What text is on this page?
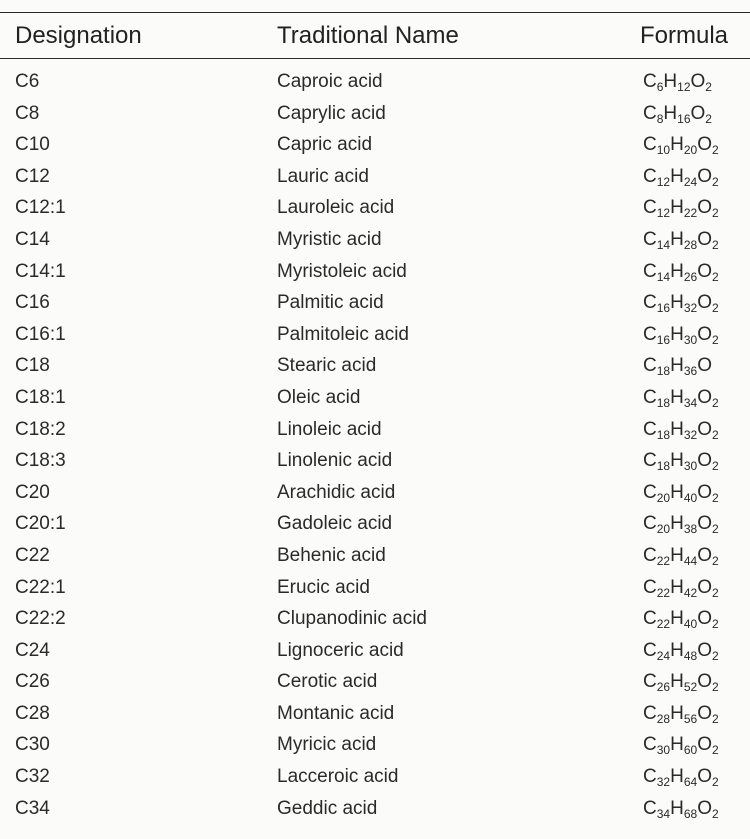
Designation	Traditional Name	Formula
C6	Caproic acid	$C_6H_{12}O_2$
C8	Caprylic acid	$C_8H_{16}O_2$
C10	Capric acid	$C_{10}H_{20}O_2$
C12	Lauric acid	$C_{12}H_{24}O_2$
C12:1	Lauroleic acid	$C_{12}H_{22}O_2$
C14	Myristic acid	$C_{14}H_{28}O_2$
C14:1	Myristoleic acid	$C_{14}H_{26}O_2$
C16	Palmitic acid	$C_{16}H_{32}O_2$
C16:1	Palmitoleic acid	$C_{16}H_{30}O_2$
C18	Stearic acid	$C_{18}H_{36}O$
C18:1	Oleic acid	$C_{18}H_{34}O_2$
C18:2	Linoleic acid	$C_{18}H_{32}O_2$
C18:3	Linolenic acid	$C_{18}H_{30}O_2$
C20	Arachidic acid	$C_{20}H_{40}O_2$
C20:1	Gadoleic acid	$C_{20}H_{38}O_2$
C22	Behenic acid	$C_{22}H_{44}O_2$
C22:1	Erucic acid	$C_{22}H_{42}O_2$
C22:2	Clupanodinic acid	$C_{22}H_{40}O_2$
C24	Lignoceric acid	$C_{24}H_{48}O_2$
C26	Cerotic acid	$C_{26}H_{52}O_2$
C28	Montanic acid	$C_{28}H_{56}O_2$
C30	Myricic acid	$C_{30}H_{60}O_2$
C32	Lacceroic acid	$C_{32}H_{64}O_2$
C34	Geddic acid	$C_{34}H_{68}O_2$
